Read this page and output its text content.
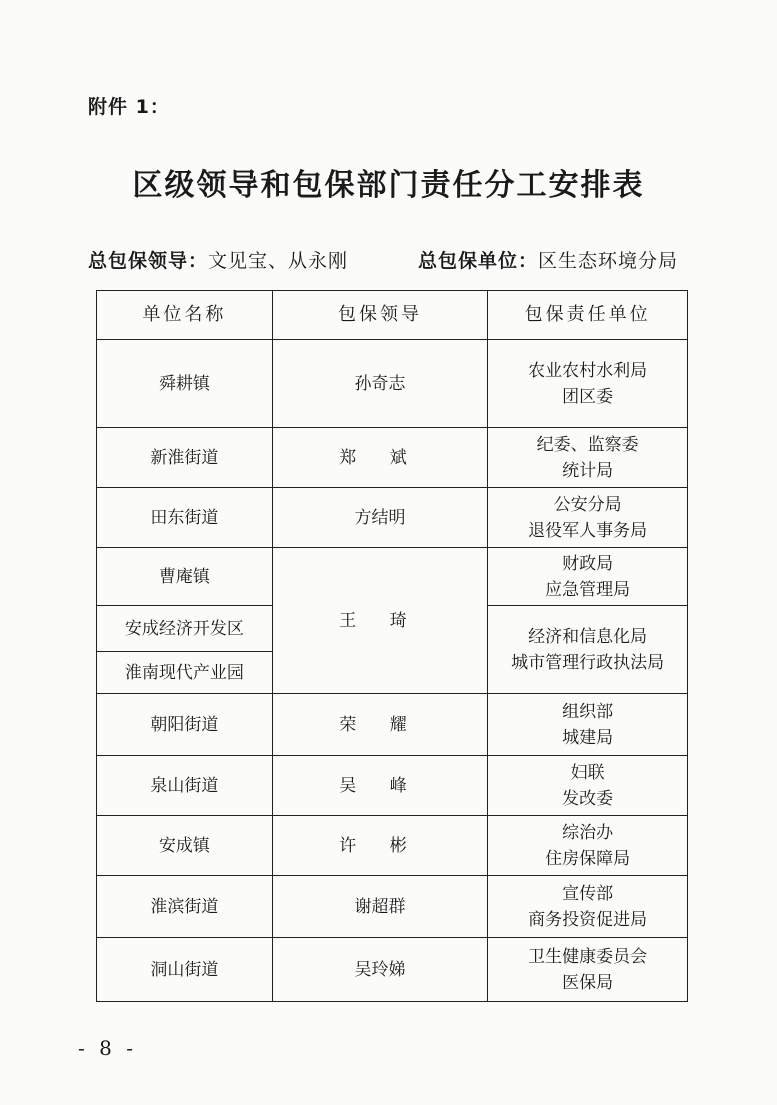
附件 1：
区级领导和包保部门责任分工安排表
总包保领导：文见宝、从永刚	总包保单位：区生态环境分局
单位名称	包保领导	包保责任单位
舜耕镇	孙奇志	农业农村水利局
团区委

新淮街道	郑 斌	纪委、监察委
统计局

田东街道	方结明	公安分局
退役军人事务局

曹庵镇	王 琦	财政局
应急管理局

安成经济开发区		经济和信息化局
城市管理行政执法局

淮南现代产业园		
朝阳街道	荣 耀	组织部
城建局

泉山街道	吴 峰	妇联
发改委

安成镇	许 彬	综治办
住房保障局

淮滨街道	谢超群	宣传部
商务投资促进局

洞山街道	吴玲娣	卫生健康委员会
医保局
- 8 -
